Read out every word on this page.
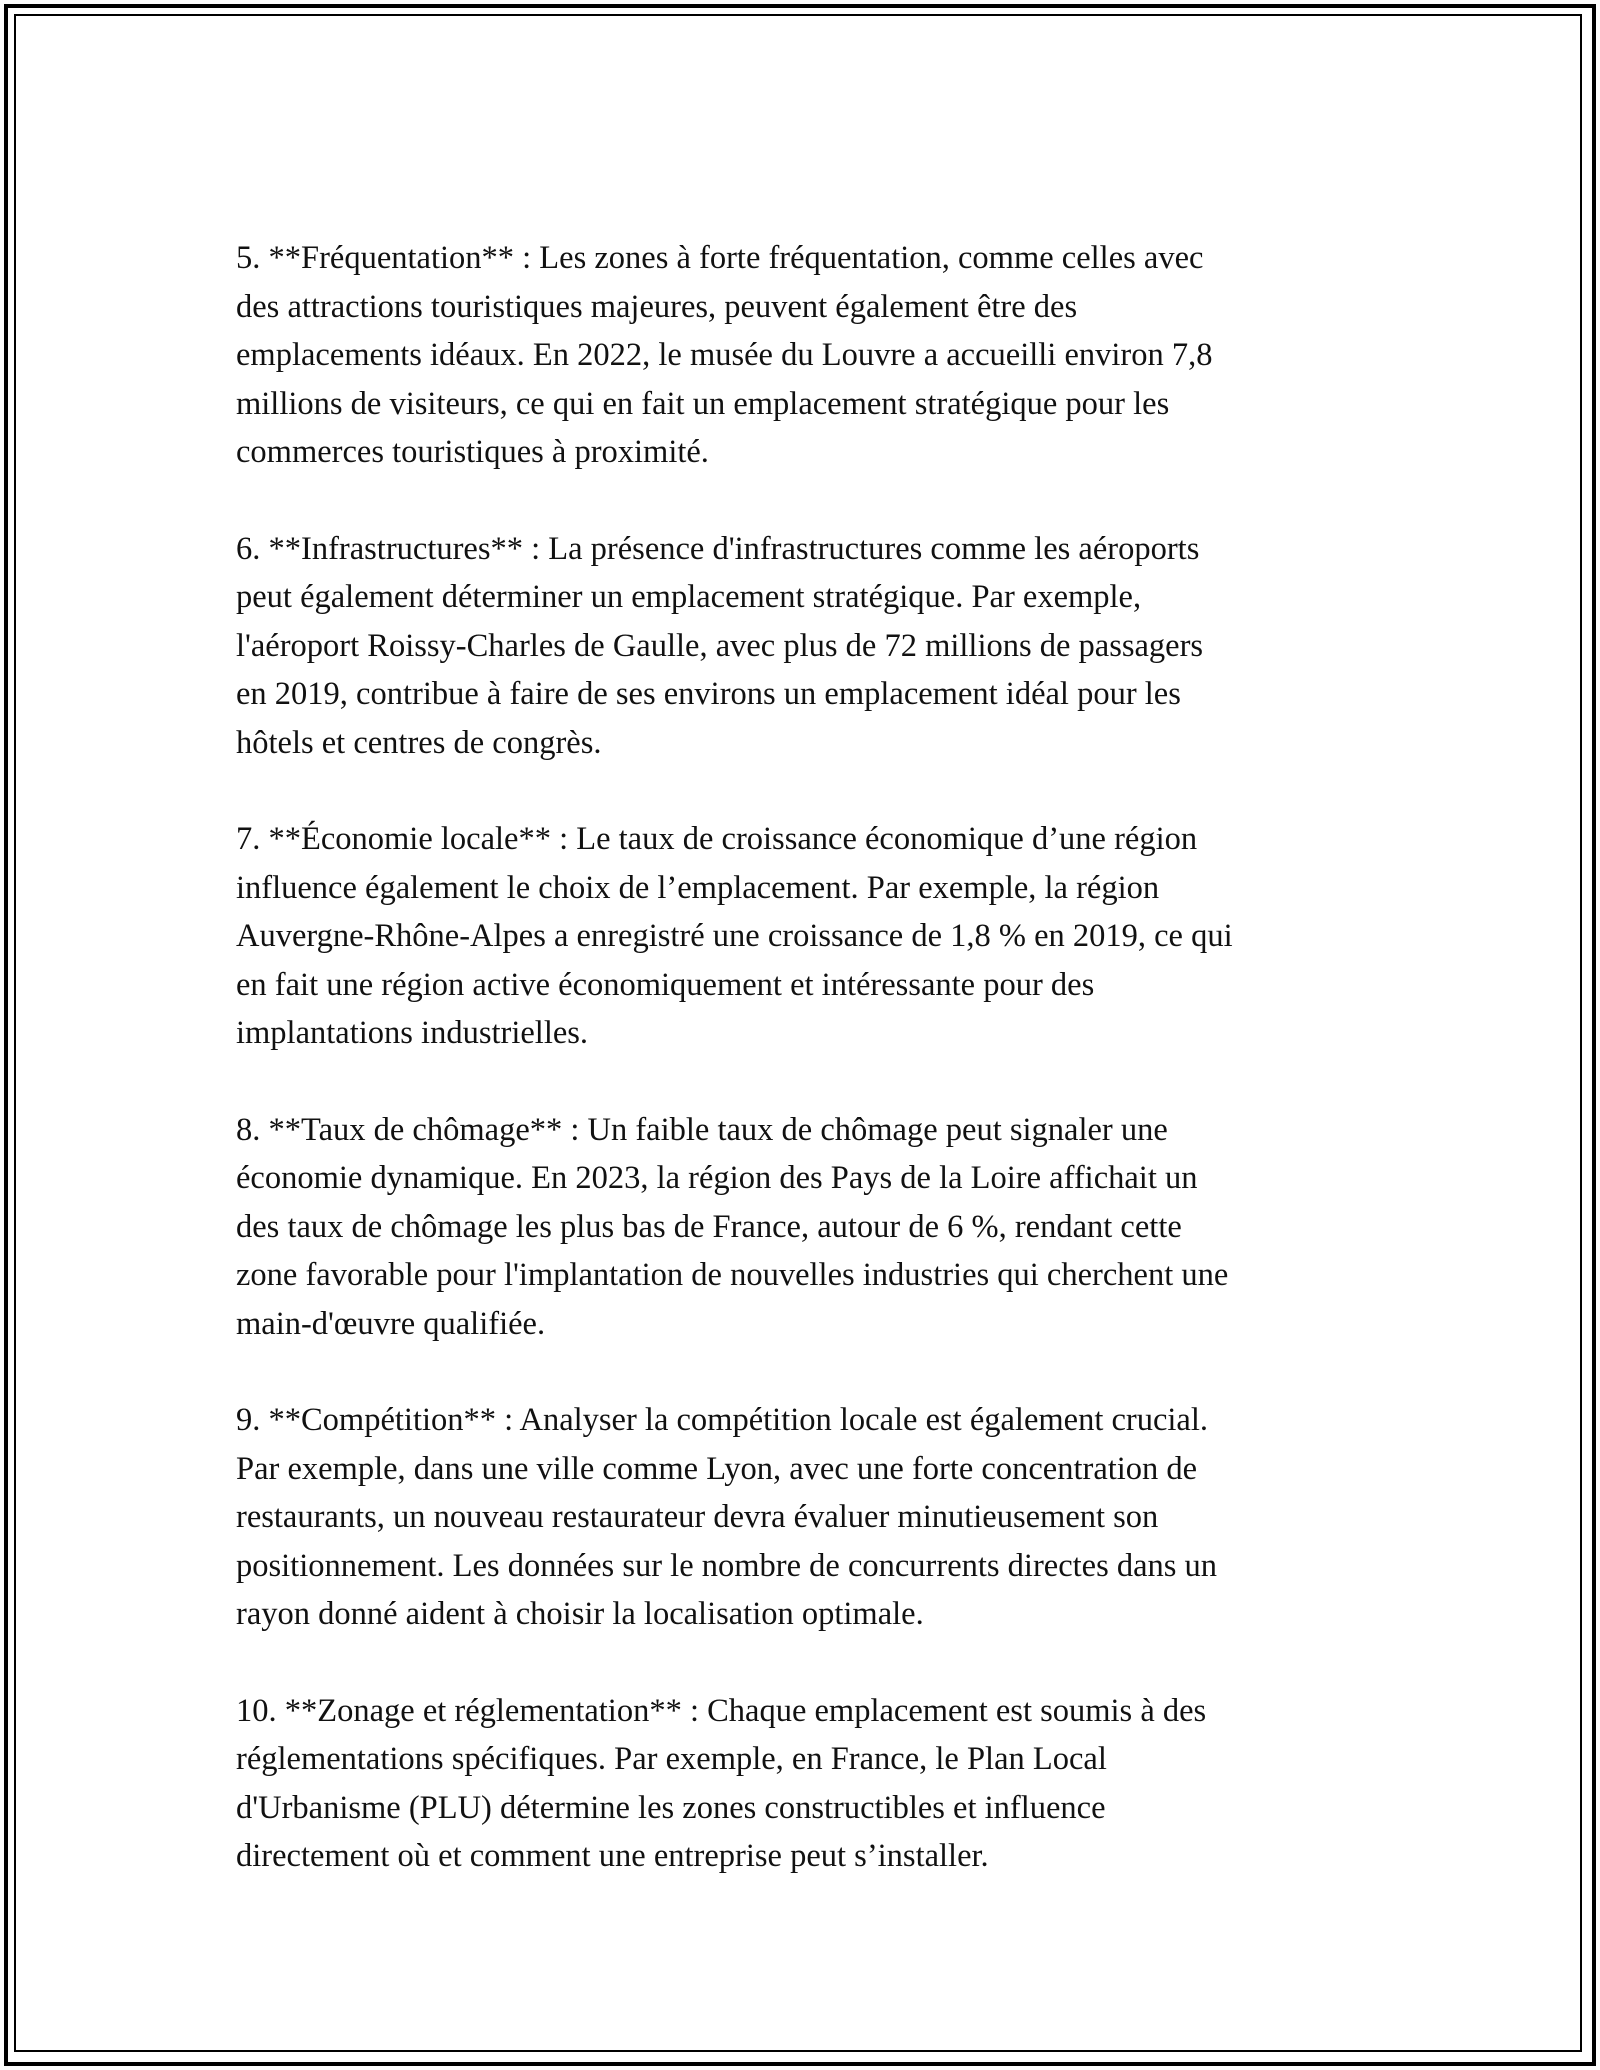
5. **Fréquentation** : Les zones à forte fréquentation, comme celles avec
des attractions touristiques majeures, peuvent également être des
emplacements idéaux. En 2022, le musée du Louvre a accueilli environ 7,8
millions de visiteurs, ce qui en fait un emplacement stratégique pour les
commerces touristiques à proximité.

6. **Infrastructures** : La présence d'infrastructures comme les aéroports
peut également déterminer un emplacement stratégique. Par exemple,
l'aéroport Roissy-Charles de Gaulle, avec plus de 72 millions de passagers
en 2019, contribue à faire de ses environs un emplacement idéal pour les
hôtels et centres de congrès.

7. **Économie locale** : Le taux de croissance économique d’une région
influence également le choix de l’emplacement. Par exemple, la région
Auvergne-Rhône-Alpes a enregistré une croissance de 1,8 % en 2019, ce qui
en fait une région active économiquement et intéressante pour des
implantations industrielles.

8. **Taux de chômage** : Un faible taux de chômage peut signaler une
économie dynamique. En 2023, la région des Pays de la Loire affichait un
des taux de chômage les plus bas de France, autour de 6 %, rendant cette
zone favorable pour l'implantation de nouvelles industries qui cherchent une
main-d'œuvre qualifiée.

9. **Compétition** : Analyser la compétition locale est également crucial.
Par exemple, dans une ville comme Lyon, avec une forte concentration de
restaurants, un nouveau restaurateur devra évaluer minutieusement son
positionnement. Les données sur le nombre de concurrents directes dans un
rayon donné aident à choisir la localisation optimale.

10. **Zonage et réglementation** : Chaque emplacement est soumis à des
réglementations spécifiques. Par exemple, en France, le Plan Local
d'Urbanisme (PLU) détermine les zones constructibles et influence
directement où et comment une entreprise peut s’installer.
